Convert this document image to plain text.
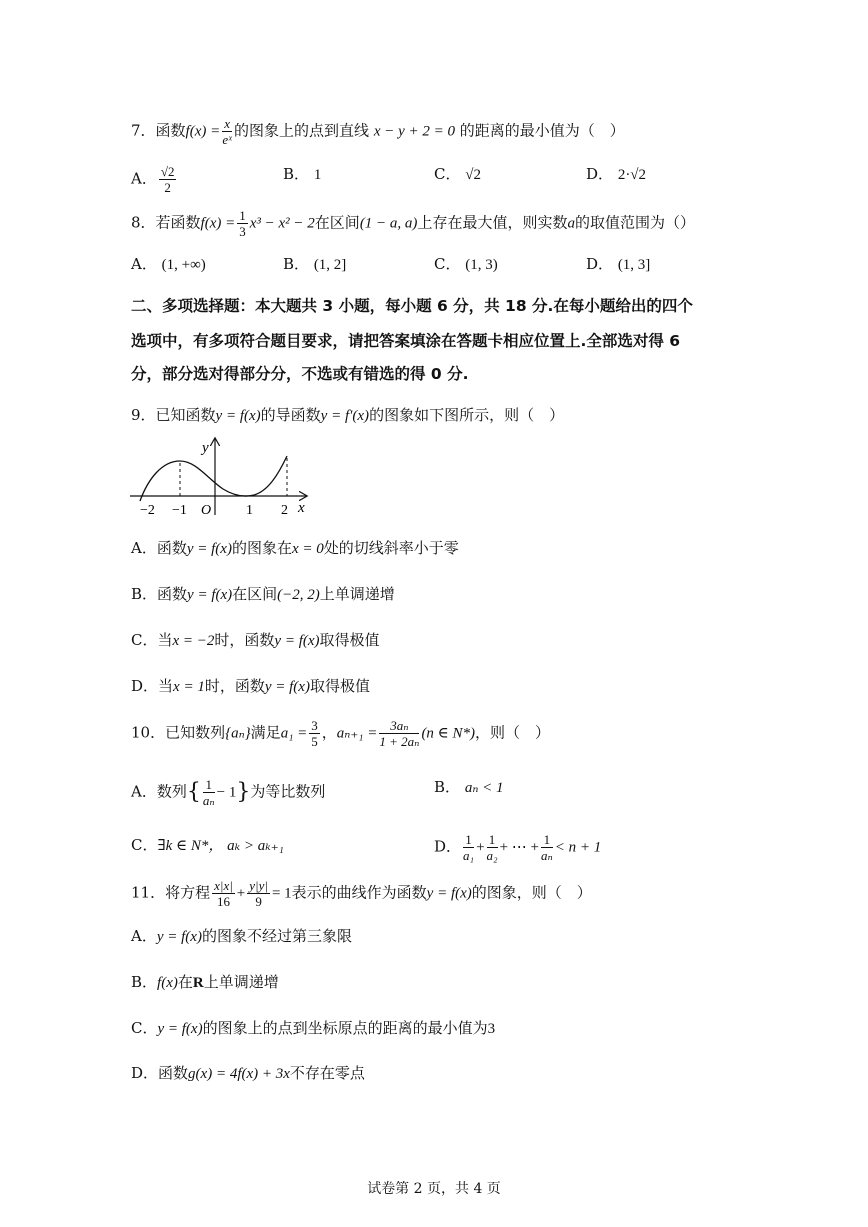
7．函数$f(x) = \frac{x}{\text{eˣ}}$ 的图象上的点到直线 x − y + 2 = 0 的距离的最小值为（　）
A． $\frac{√2}{2}$	B． 1	C． √2	D． 2·√2
8．若函数$f(x) = \frac{1}{3} x^3 - x^2 - 2$在区间(1 − a, a)上存在最大值，则实数a的取值范围为（）
A． (1, +∞)	B． (1, 2]	C． (1, 3)	D． (1, 3]
二、多项选择题：本大题共 3 小题，每小题 6 分，共 18 分.在每小题给出的四个
选项中，有多项符合题目要求，请把答案填涂在答题卡相应位置上.全部选对得 6
分，部分选对得部分分，不选或有错选的得 0 分.
9．已知函数y = f(x)的导函数y = f′(x)的图象如下图所示，则（　）
y
x
−2 −1 O 1 2
A．函数y = f(x)的图象在x = 0处的切线斜率小于零
B．函数y = f(x)在区间(−2, 2)上单调递增
C．当x = −2时，函数y = f(x)取得极值
D．当x = 1时，函数y = f(x)取得极值
10．已知数列{aₙ}满足$a_1 = \frac{3}{5}$ ，$a_{n+1} = \frac{\text{3aₙ}}{\text{1 + 2aₙ}} (n$ ∈ N*)，则（　）
A．数列{ $\frac{1}{\text{aₙ}} - 1$}为等比数列	B． aₙ < 1
C．∃k ∈ N*， aₖ > aₖ₊₁	D． $\frac{1}{\text{a₁}} + \frac{1}{\text{a₂}}$ + ⋯ + $\frac{1}{\text{aₙ}} < n + 1$
11．将方程 $\frac{x|x|}{16} + \frac{y|y|}{9} = 1$表示的曲线作为函数y = f(x)的图象，则（　）
A．y = f(x)的图象不经过第三象限
B．f(x)在R上单调递增
C．y = f(x)的图象上的点到坐标原点的距离的最小值为3
D．函数g(x) = 4f(x) + 3x不存在零点
试卷第 2 页，共 4 页
